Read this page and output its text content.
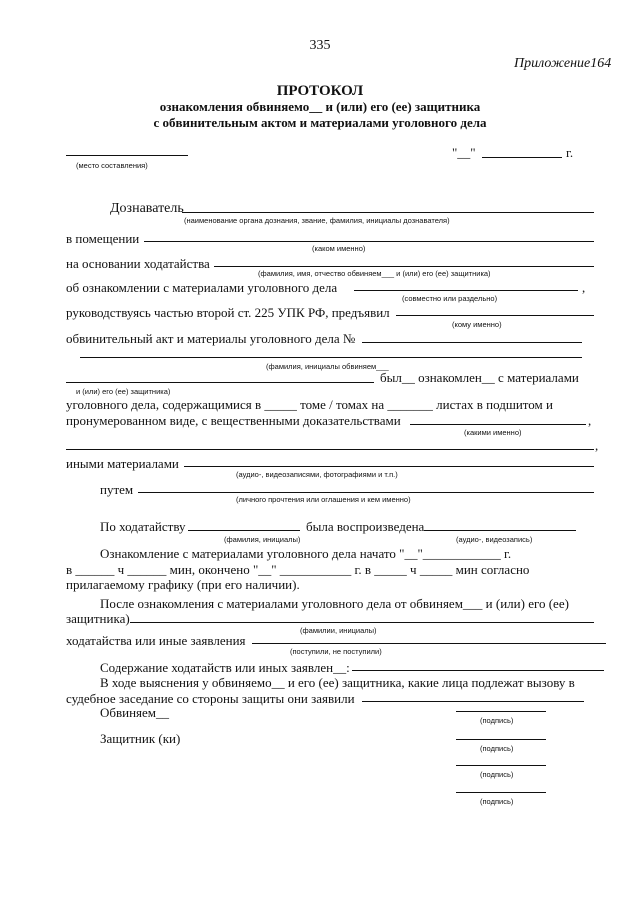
335
Приложение164
ПРОТОКОЛ
ознакомления обвиняемо__ и (или) его (ее) защитника
с обвинительным актом и материалами уголовного дела
(место составления)
"__"	г.
Дознаватель
(наименование органа дознания, звание, фамилия, инициалы дознавателя)
в помещении
(каком именно)
на основании ходатайства
(фамилия, имя, отчество обвиняем___ и (или) его (ее) защитника)
об ознакомлении с материалами уголовного дела	,
(совместно или раздельно)
руководствуясь частью второй ст. 225 УПК РФ, предъявил
(кому именно)
обвинительный акт и материалы уголовного дела №
(фамилия, инициалы обвиняем___
был__ ознакомлен__ с материалами
и (или) его (ее) защитника)
уголовного дела, содержащимися в _____ томе / томах на _______ листах в подшитом и
пронумерованном виде, с вещественными доказательствами	,
(какими именно)
,
иными материалами
(аудио-, видеозаписями, фотографиями и т.п.)
путем
(личного прочтения или оглашения и кем именно)
По ходатайству	была воспроизведена
(фамилия, инициалы)	(аудио-, видеозапись)
Ознакомление с материалами уголовного дела начато "__"____________ г.
в ______ ч ______ мин, окончено "__" ___________ г. в _____ ч _____ мин согласно
прилагаемому графику (при его наличии).
После ознакомления с материалами уголовного дела от обвиняем___ и (или) его (ее)
защитника)
(фамилии, инициалы)
ходатайства или иные заявления
(поступили, не поступили)
Содержание ходатайств или иных заявлен__:
В ходе выяснения у обвиняемо__ и его (ее) защитника, какие лица подлежат вызову в
судебное заседание со стороны защиты они заявили
Обвиняем__
(подпись)
Защитник (ки)
(подпись)
(подпись)
(подпись)
